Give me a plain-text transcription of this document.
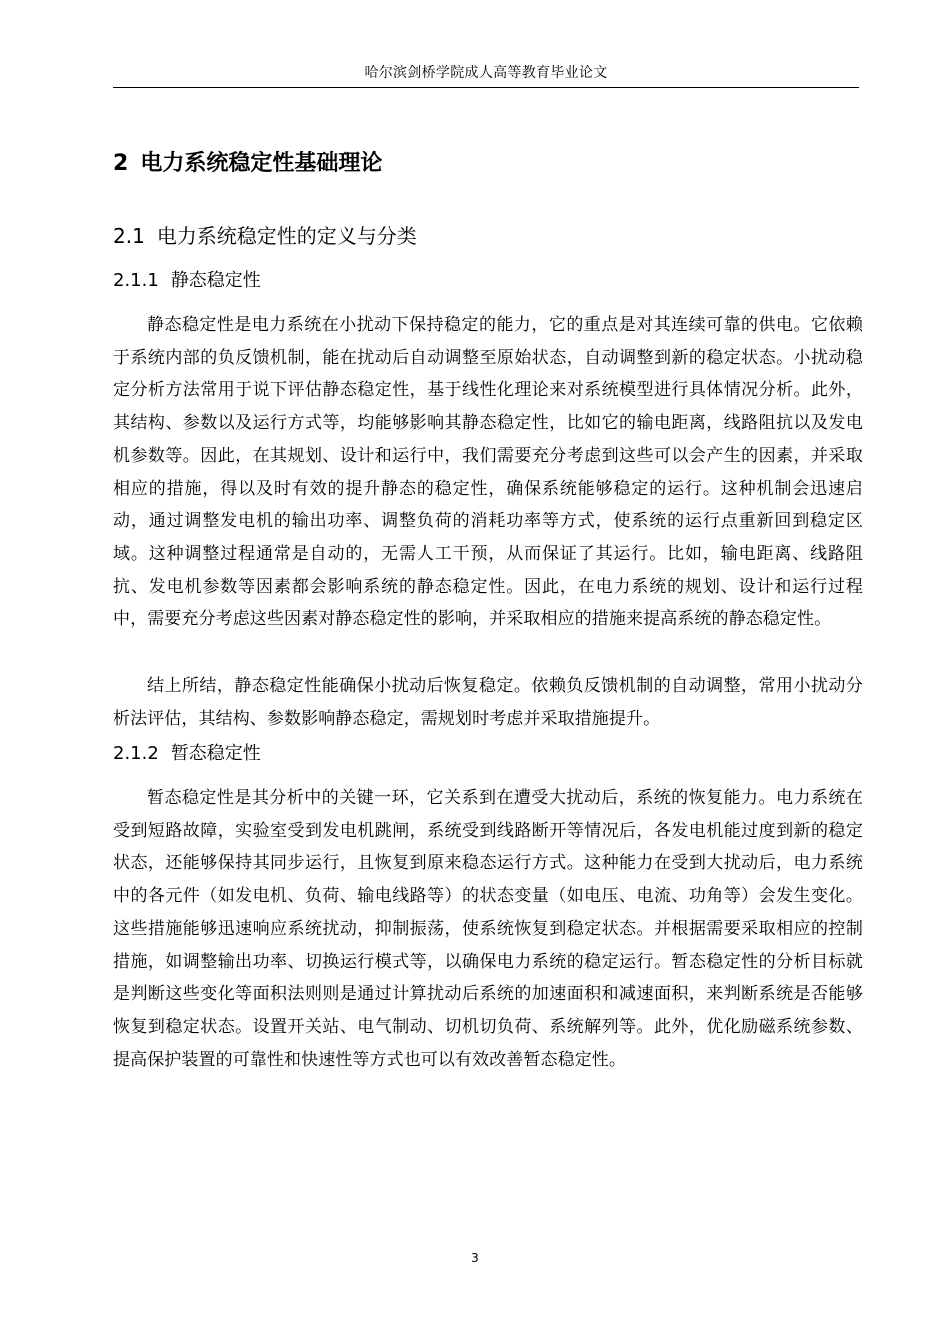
哈尔滨剑桥学院成人高等教育毕业论文
2 电力系统稳定性基础理论
2.1 电力系统稳定性的定义与分类
2.1.1 静态稳定性

静态稳定性是电力系统在小扰动下保持稳定的能力，它的重点是对其连续可靠的供电。它依赖于系统内部的负反馈机制，能在扰动后自动调整至原始状态，自动调整到新的稳定状态。小扰动稳定分析方法常用于说下评估静态稳定性，基于线性化理论来对系统模型进行具体情况分析。此外，其结构、参数以及运行方式等，均能够影响其静态稳定性，比如它的输电距离，线路阻抗以及发电机参数等。因此，在其规划、设计和运行中，我们需要充分考虑到这些可以会产生的因素，并采取相应的措施，得以及时有效的提升静态的稳定性，确保系统能够稳定的运行。这种机制会迅速启动，通过调整发电机的输出功率、调整负荷的消耗功率等方式，使系统的运行点重新回到稳定区域。这种调整过程通常是自动的，无需人工干预，从而保证了其运行。比如，输电距离、线路阻抗、发电机参数等因素都会影响系统的静态稳定性。因此，在电力系统的规划、设计和运行过程中，需要充分考虑这些因素对静态稳定性的影响，并采取相应的措施来提高系统的静态稳定性。

结上所结，静态稳定性能确保小扰动后恢复稳定。依赖负反馈机制的自动调整，常用小扰动分析法评估，其结构、参数影响静态稳定，需规划时考虑并采取措施提升。

2.1.2 暂态稳定性

暂态稳定性是其分析中的关键一环，它关系到在遭受大扰动后，系统的恢复能力。电力系统在受到短路故障，实验室受到发电机跳闸，系统受到线路断开等情况后，各发电机能过度到新的稳定状态，还能够保持其同步运行，且恢复到原来稳态运行方式。这种能力在受到大扰动后，电力系统中的各元件（如发电机、负荷、输电线路等）的状态变量（如电压、电流、功角等）会发生变化。这些措施能够迅速响应系统扰动，抑制振荡，使系统恢复到稳定状态。并根据需要采取相应的控制措施，如调整输出功率、切换运行模式等，以确保电力系统的稳定运行。暂态稳定性的分析目标就是判断这些变化等面积法则则是通过计算扰动后系统的加速面积和减速面积，来判断系统是否能够恢复到稳定状态。设置开关站、电气制动、切机切负荷、系统解列等。此外，优化励磁系统参数、提高保护装置的可靠性和快速性等方式也可以有效改善暂态稳定性。

3
